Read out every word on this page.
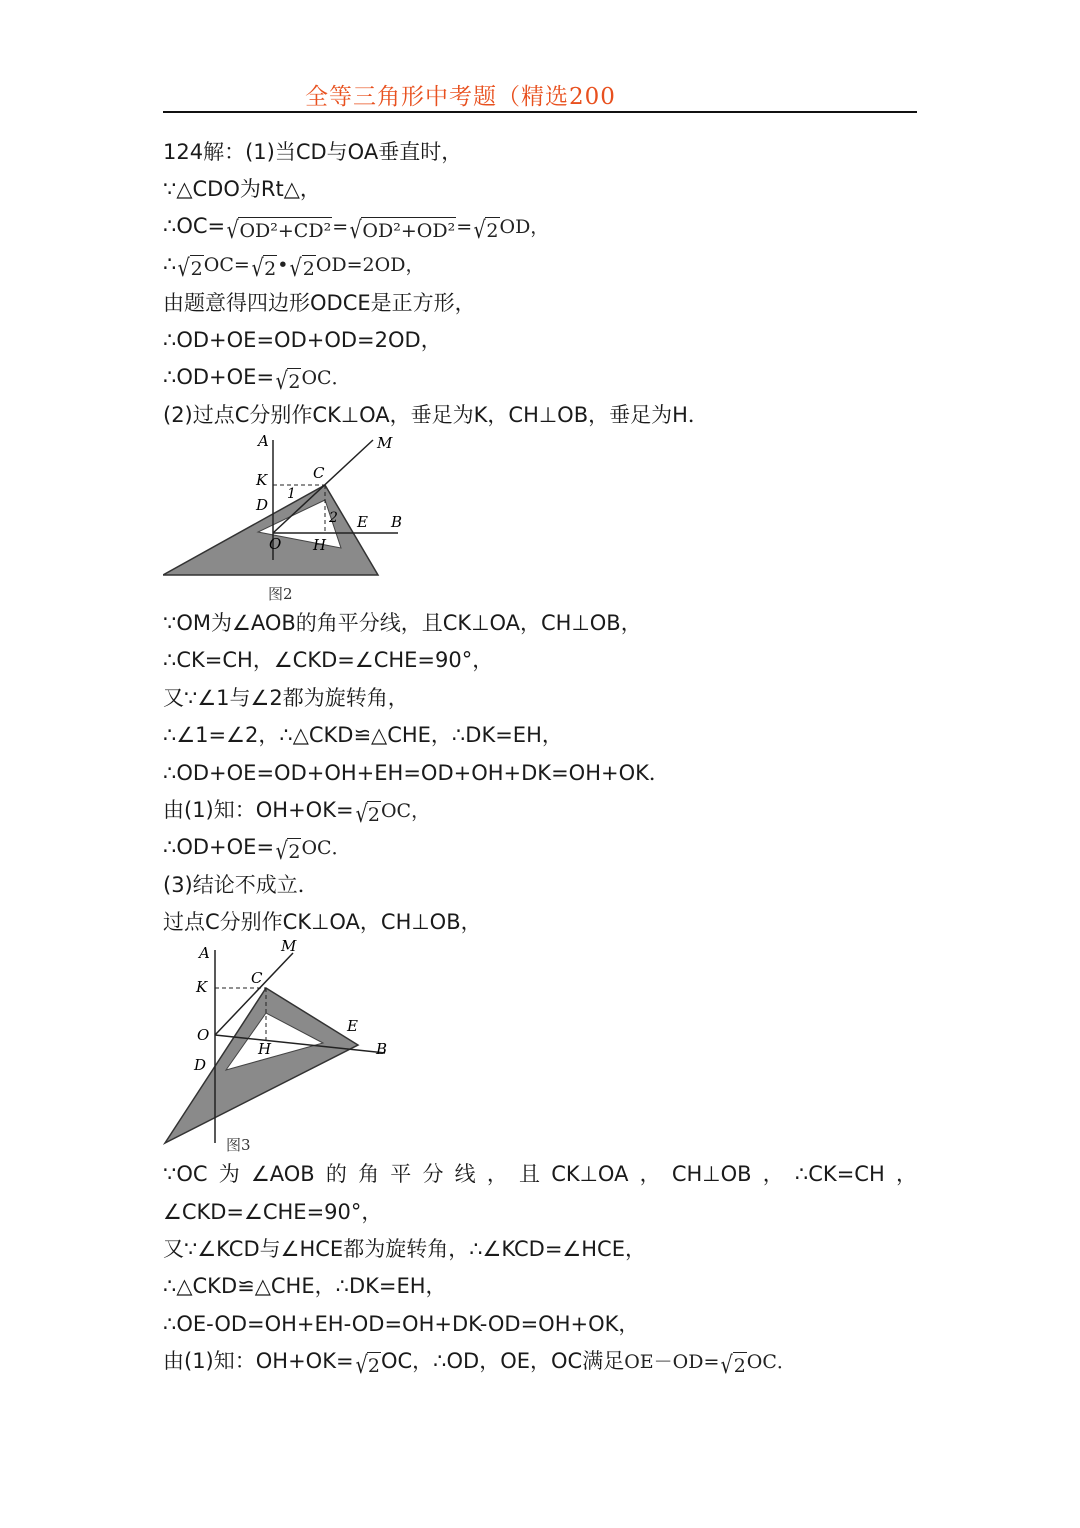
全等三角形中考题（精选200
124解：(1)当CD与OA垂直时，
∵△CDO为Rt△，
∴OC= √ OD²+CD² = √ OD²+OD² = √ 2 OD，
∴ √ 2 OC= √ 2 • √ 2 OD=2OD，
由题意得四边形ODCE是正方形，
∴OD+OE=OD+OD=2OD，
∴OD+OE= √ 2 OC．
(2)过点C分别作CK⊥OA，垂足为K，CH⊥OB，垂足为H．
A	M
K	C
1
D
2 E B
O H
图2
∵OM为∠AOB的角平分线，且CK⊥OA，CH⊥OB，
∴CK=CH，∠CKD=∠CHE=90°，
又∵∠1与∠2都为旋转角，
∴∠1=∠2，∴△CKD≌△CHE，∴DK=EH，
∴OD+OE=OD+OH+EH=OD+OH+DK=OH+OK．
由(1)知：OH+OK= √ 2 OC，
∴OD+OE= √ 2 OC．
(3)结论不成立．
过点C分别作CK⊥OA，CH⊥OB，
A	M
K	C
O	E
H	B
D
图3
∵OC 为 ∠AOB 的 角 平 分 线 ， 且 CK⊥OA ， CH⊥OB ， ∴CK=CH ，
∠CKD=∠CHE=90°，
又∵∠KCD与∠HCE都为旋转角，∴∠KCD=∠HCE，
∴△CKD≌△CHE，∴DK=EH，
∴OE-OD=OH+EH-OD=OH+DK-OD=OH+OK，
由(1)知：OH+OK= √ 2 OC，∴OD，OE，OC满足OE－OD= √ 2 OC．
